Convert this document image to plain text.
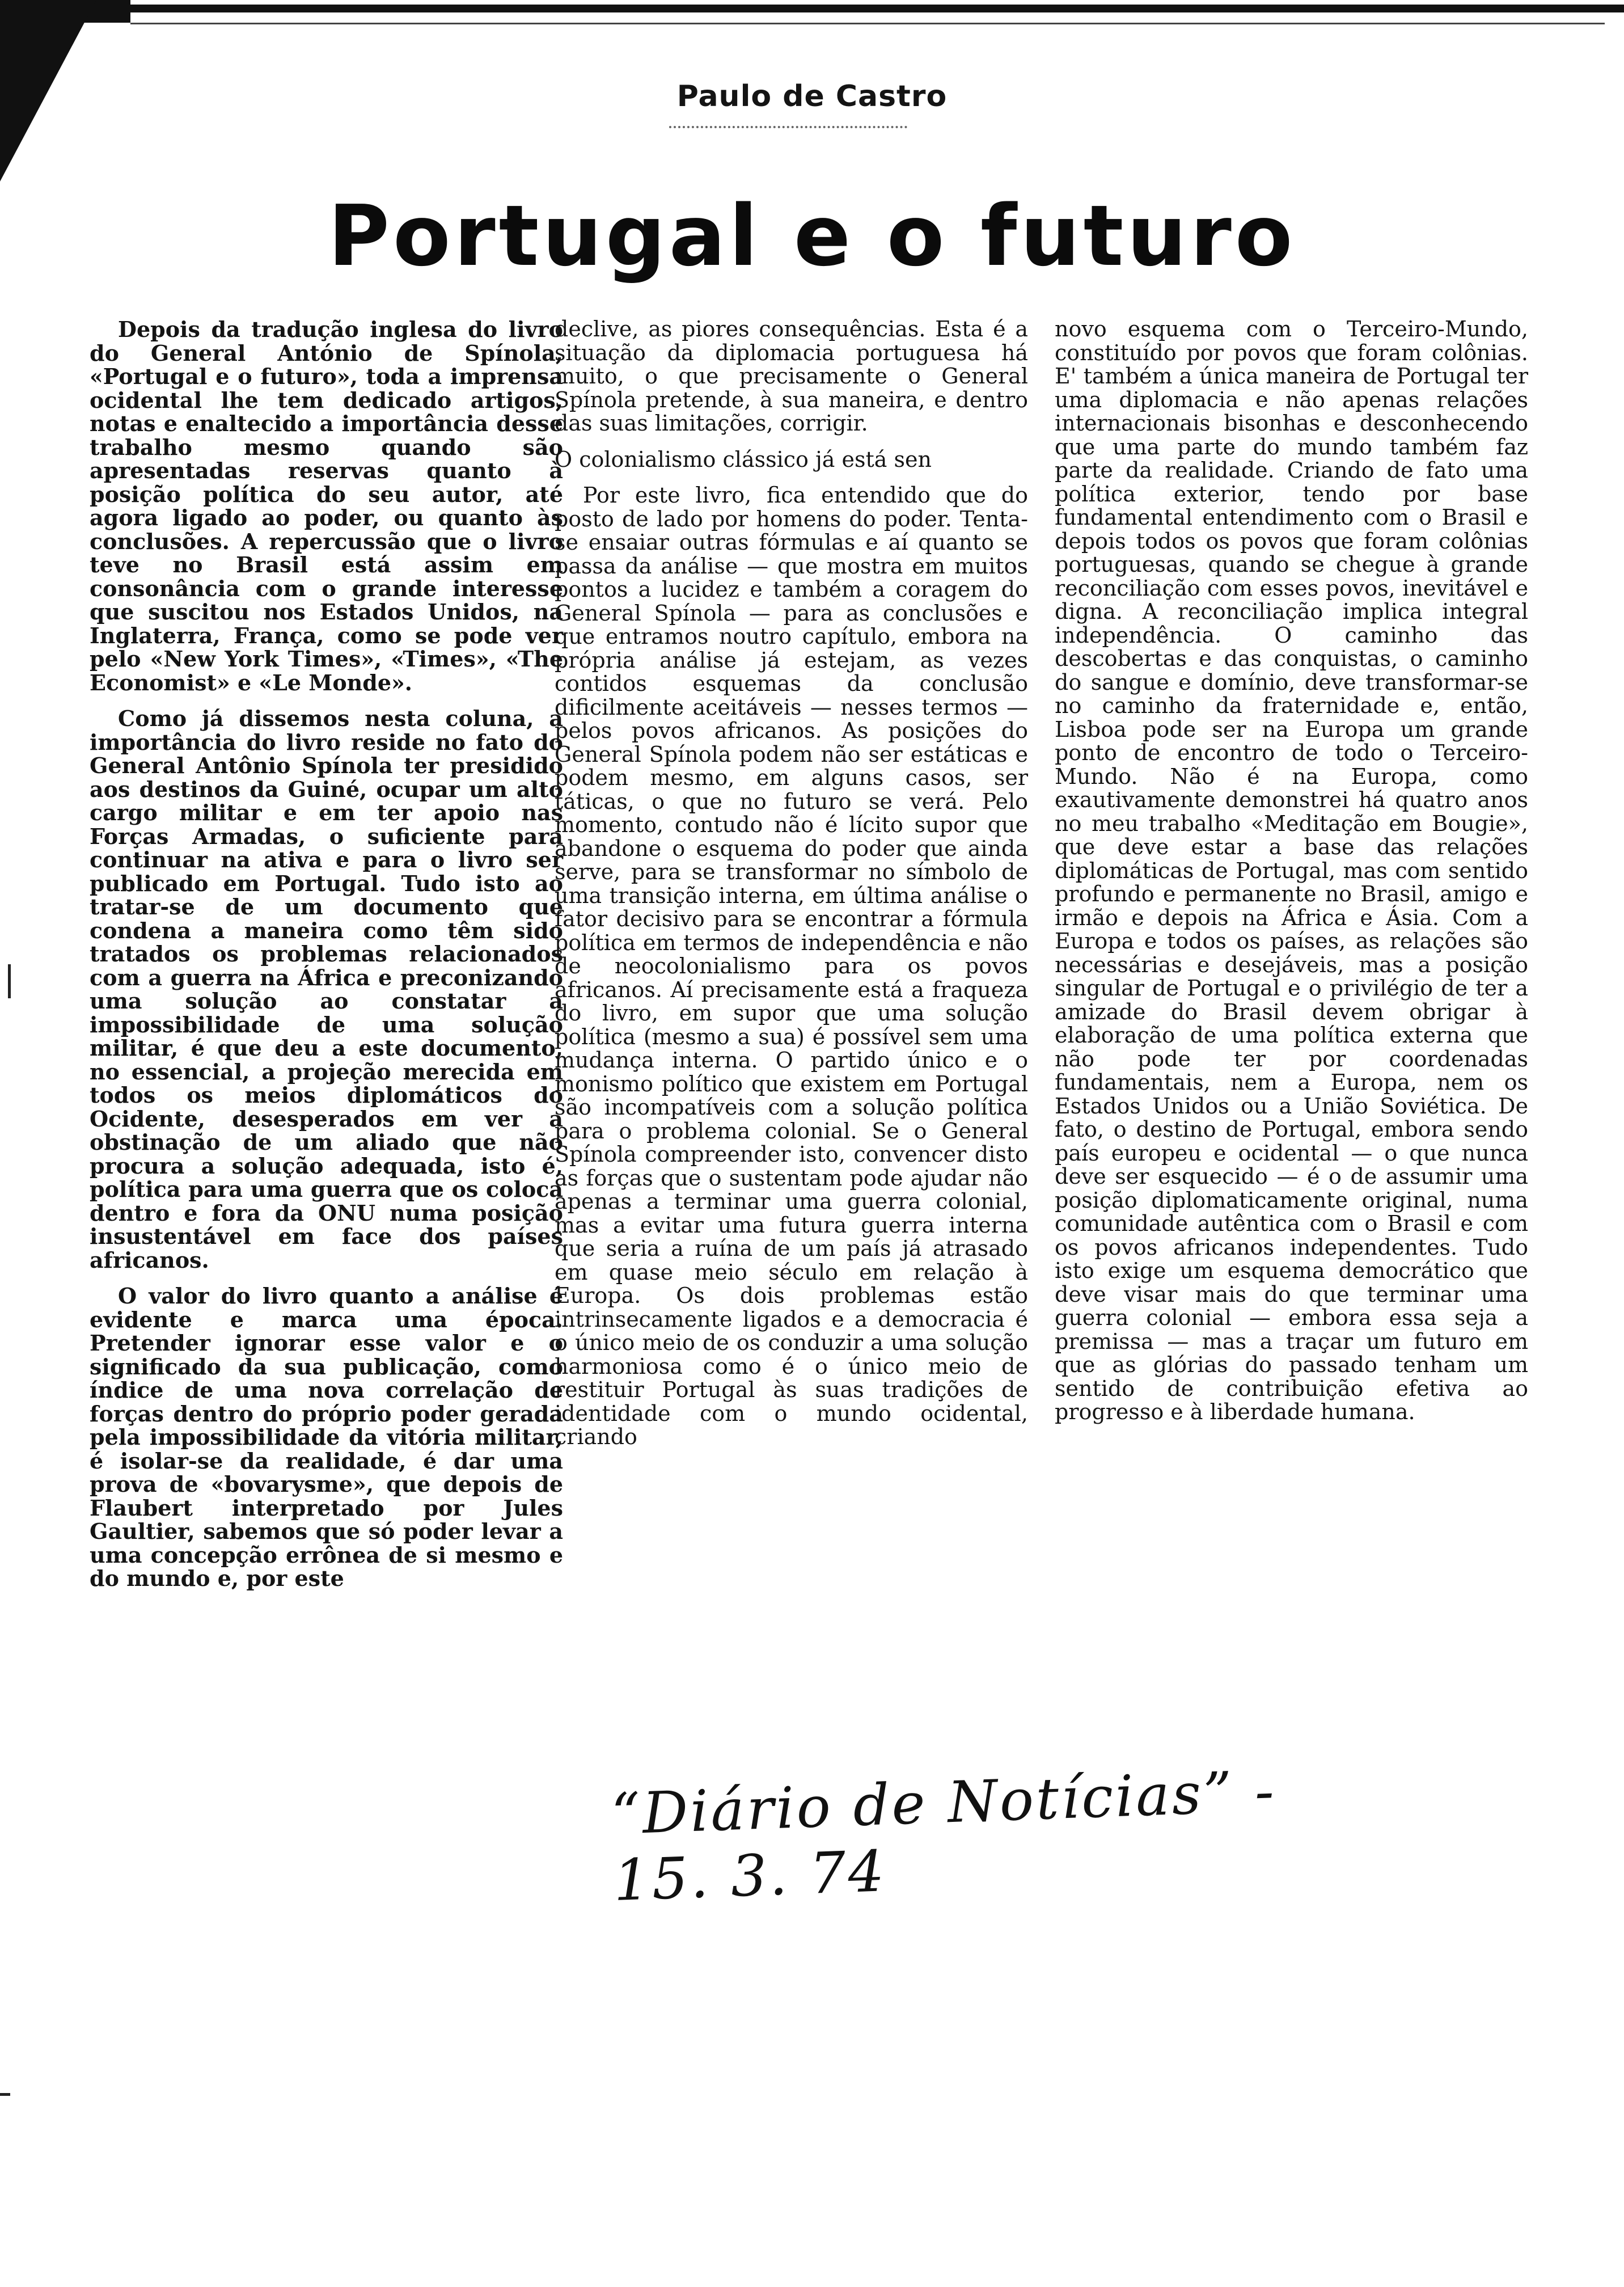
Paulo de Castro
Portugal e o futuro

Depois da tradução inglesa do livro do General António de Spínola, «Portugal e o futuro», toda a imprensa ocidental lhe tem dedicado artigos, notas e enaltecido a importância desse trabalho mesmo quando são apresentadas reservas quanto à posição política do seu autor, até agora ligado ao poder, ou quanto às conclusões. A repercussão que o livro teve no Brasil está assim em consonância com o grande interesse que suscitou nos Estados Unidos, na Inglaterra, França, como se pode ver pelo «New York Times», «Times», «The Economist» e «Le Monde».

Como já dissemos nesta coluna, a importância do livro reside no fato do General Antônio Spínola ter presidido aos destinos da Guiné, ocupar um alto cargo militar e em ter apoio nas Forças Armadas, o suficiente para continuar na ativa e para o livro ser publicado em Portugal. Tudo isto ao tratar-se de um documento que condena a maneira como têm sido tratados os problemas relacionados com a guerra na África e preconizando uma solução ao constatar a impossibilidade de uma solução militar, é que deu a este documento, no essencial, a projeção merecida em todos os meios diplomáticos do Ocidente, desesperados em ver a obstinação de um aliado que não procura a solução adequada, isto é, política para uma guerra que os coloca dentro e fora da ONU numa posição insustentável em face dos países africanos.

O valor do livro quanto a análise é evidente e marca uma época. Pretender ignorar esse valor e o significado da sua publicação, como índice de uma nova correlação de forças dentro do próprio poder gerada pela impossibilidade da vitória militar, é isolar-se da realidade, é dar uma prova de «bovarysme», que depois de Flaubert interpretado por Jules Gaultier, sabemos que só poder levar a uma concepção errônea de si mesmo e do mundo e, por este

declive, as piores consequências. Esta é a situação da diplomacia portuguesa há muito, o que precisamente o General Spínola pretende, à sua maneira, e dentro das suas limitações, corrigir.

O colonialismo clássico já está sen

Por este livro, fica entendido que do posto de lado por homens do poder. Tenta-se ensaiar outras fórmulas e aí quanto se passa da análise — que mostra em muitos pontos a lucidez e também a coragem do General Spínola — para as conclusões e que entramos noutro capítulo, embora na própria análise já estejam, as vezes contidos esquemas da conclusão dificilmente aceitáveis — nesses termos — pelos povos africanos. As posições do General Spínola podem não ser estáticas e podem mesmo, em alguns casos, ser táticas, o que no futuro se verá. Pelo momento, contudo não é lícito supor que abandone o esquema do poder que ainda serve, para se transformar no símbolo de uma transição interna, em última análise o fator decisivo para se encontrar a fórmula política em termos de independência e não de neocolonialismo para os povos africanos. Aí precisamente está a fraqueza do livro, em supor que uma solução política (mesmo a sua) é possível sem uma mudança interna. O partido único e o monismo político que existem em Portugal são incompatíveis com a solução política para o problema colonial. Se o General Spínola compreender isto, convencer disto as forças que o sustentam pode ajudar não apenas a terminar uma guerra colonial, mas a evitar uma futura guerra interna que seria a ruína de um país já atrasado em quase meio século em relação à Europa. Os dois problemas estão intrinsecamente ligados e a democracia é o único meio de os conduzir a uma solução harmoniosa como é o único meio de restituir Portugal às suas tradições de identidade com o mundo ocidental, criando

novo esquema com o Terceiro-Mundo, constituído por povos que foram colônias. E' também a única maneira de Portugal ter uma diplomacia e não apenas relações internacionais bisonhas e desconhecendo que uma parte do mundo também faz parte da realidade. Criando de fato uma política exterior, tendo por base fundamental entendimento com o Brasil e depois todos os povos que foram colônias portuguesas, quando se chegue à grande reconciliação com esses povos, inevitável e digna. A reconciliação implica integral independência. O caminho das descobertas e das conquistas, o caminho do sangue e domínio, deve transformar-se no caminho da fraternidade e, então, Lisboa pode ser na Europa um grande ponto de encontro de todo o Terceiro-Mundo. Não é na Europa, como exautivamente demonstrei há quatro anos no meu trabalho «Meditação em Bougie», que deve estar a base das relações diplomáticas de Portugal, mas com sentido profundo e permanente no Brasil, amigo e irmão e depois na África e Ásia. Com a Europa e todos os países, as relações são necessárias e desejáveis, mas a posição singular de Portugal e o privilégio de ter a amizade do Brasil devem obrigar à elaboração de uma política externa que não pode ter por coordenadas fundamentais, nem a Europa, nem os Estados Unidos ou a União Soviética. De fato, o destino de Portugal, embora sendo país europeu e ocidental — o que nunca deve ser esquecido — é o de assumir uma posição diplomaticamente original, numa comunidade autêntica com o Brasil e com os povos africanos independentes. Tudo isto exige um esquema democrático que deve visar mais do que terminar uma guerra colonial — embora essa seja a premissa — mas a traçar um futuro em que as glórias do passado tenham um sentido de contribuição efetiva ao progresso e à liberdade humana.

“Diário de Notícias” - 15. 3. 74
